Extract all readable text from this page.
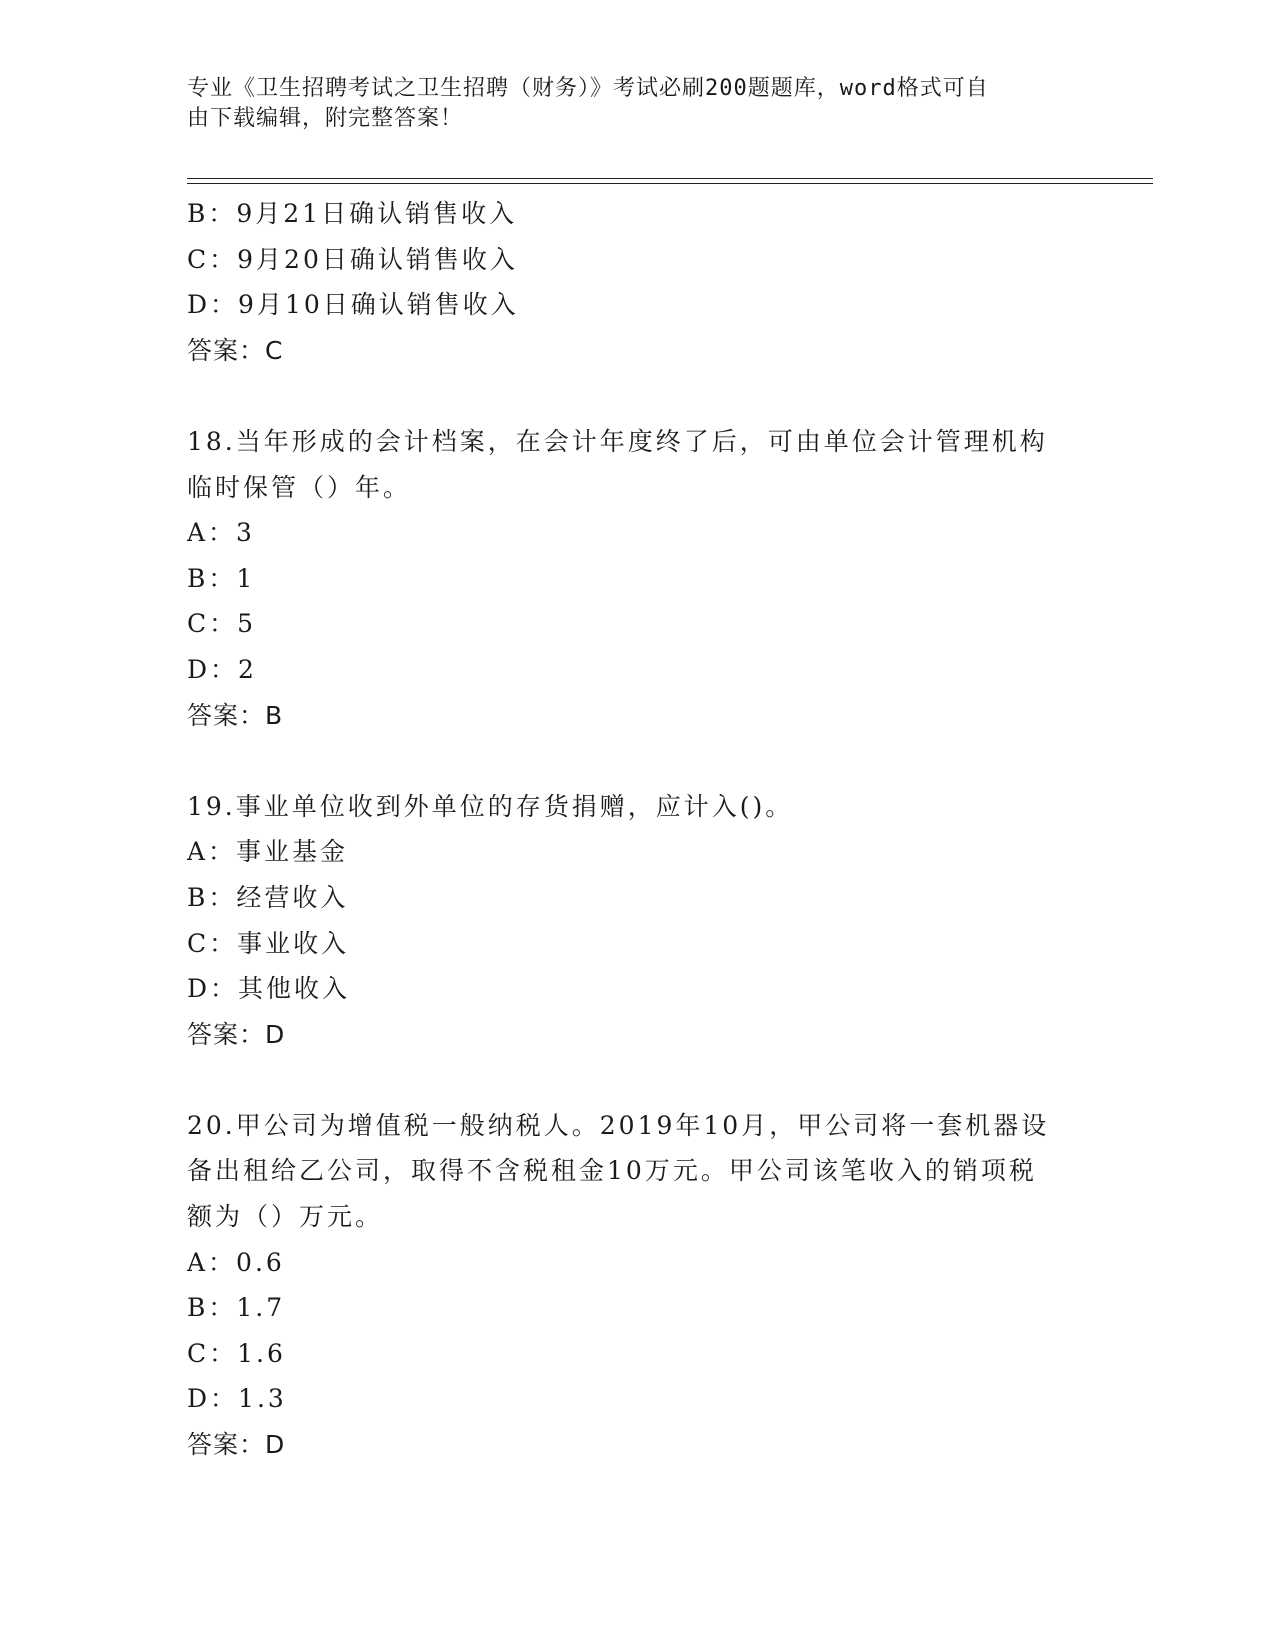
专业《卫生招聘考试之卫生招聘（财务）》考试必刷200题题库，word格式可自
由下载编辑，附完整答案！
B：9月21日确认销售收入
C：9月20日确认销售收入
D：9月10日确认销售收入
答案：C
18.当年形成的会计档案，在会计年度终了后，可由单位会计管理机构
临时保管（）年。
A：3
B：1
C：5
D：2
答案：B
19.事业单位收到外单位的存货捐赠，应计入()。
A：事业基金
B：经营收入
C：事业收入
D：其他收入
答案：D
20.甲公司为增值税一般纳税人。2019年10月，甲公司将一套机器设
备出租给乙公司，取得不含税租金10万元。甲公司该笔收入的销项税
额为（）万元。
A：0.6
B：1.7
C：1.6
D：1.3
答案：D
